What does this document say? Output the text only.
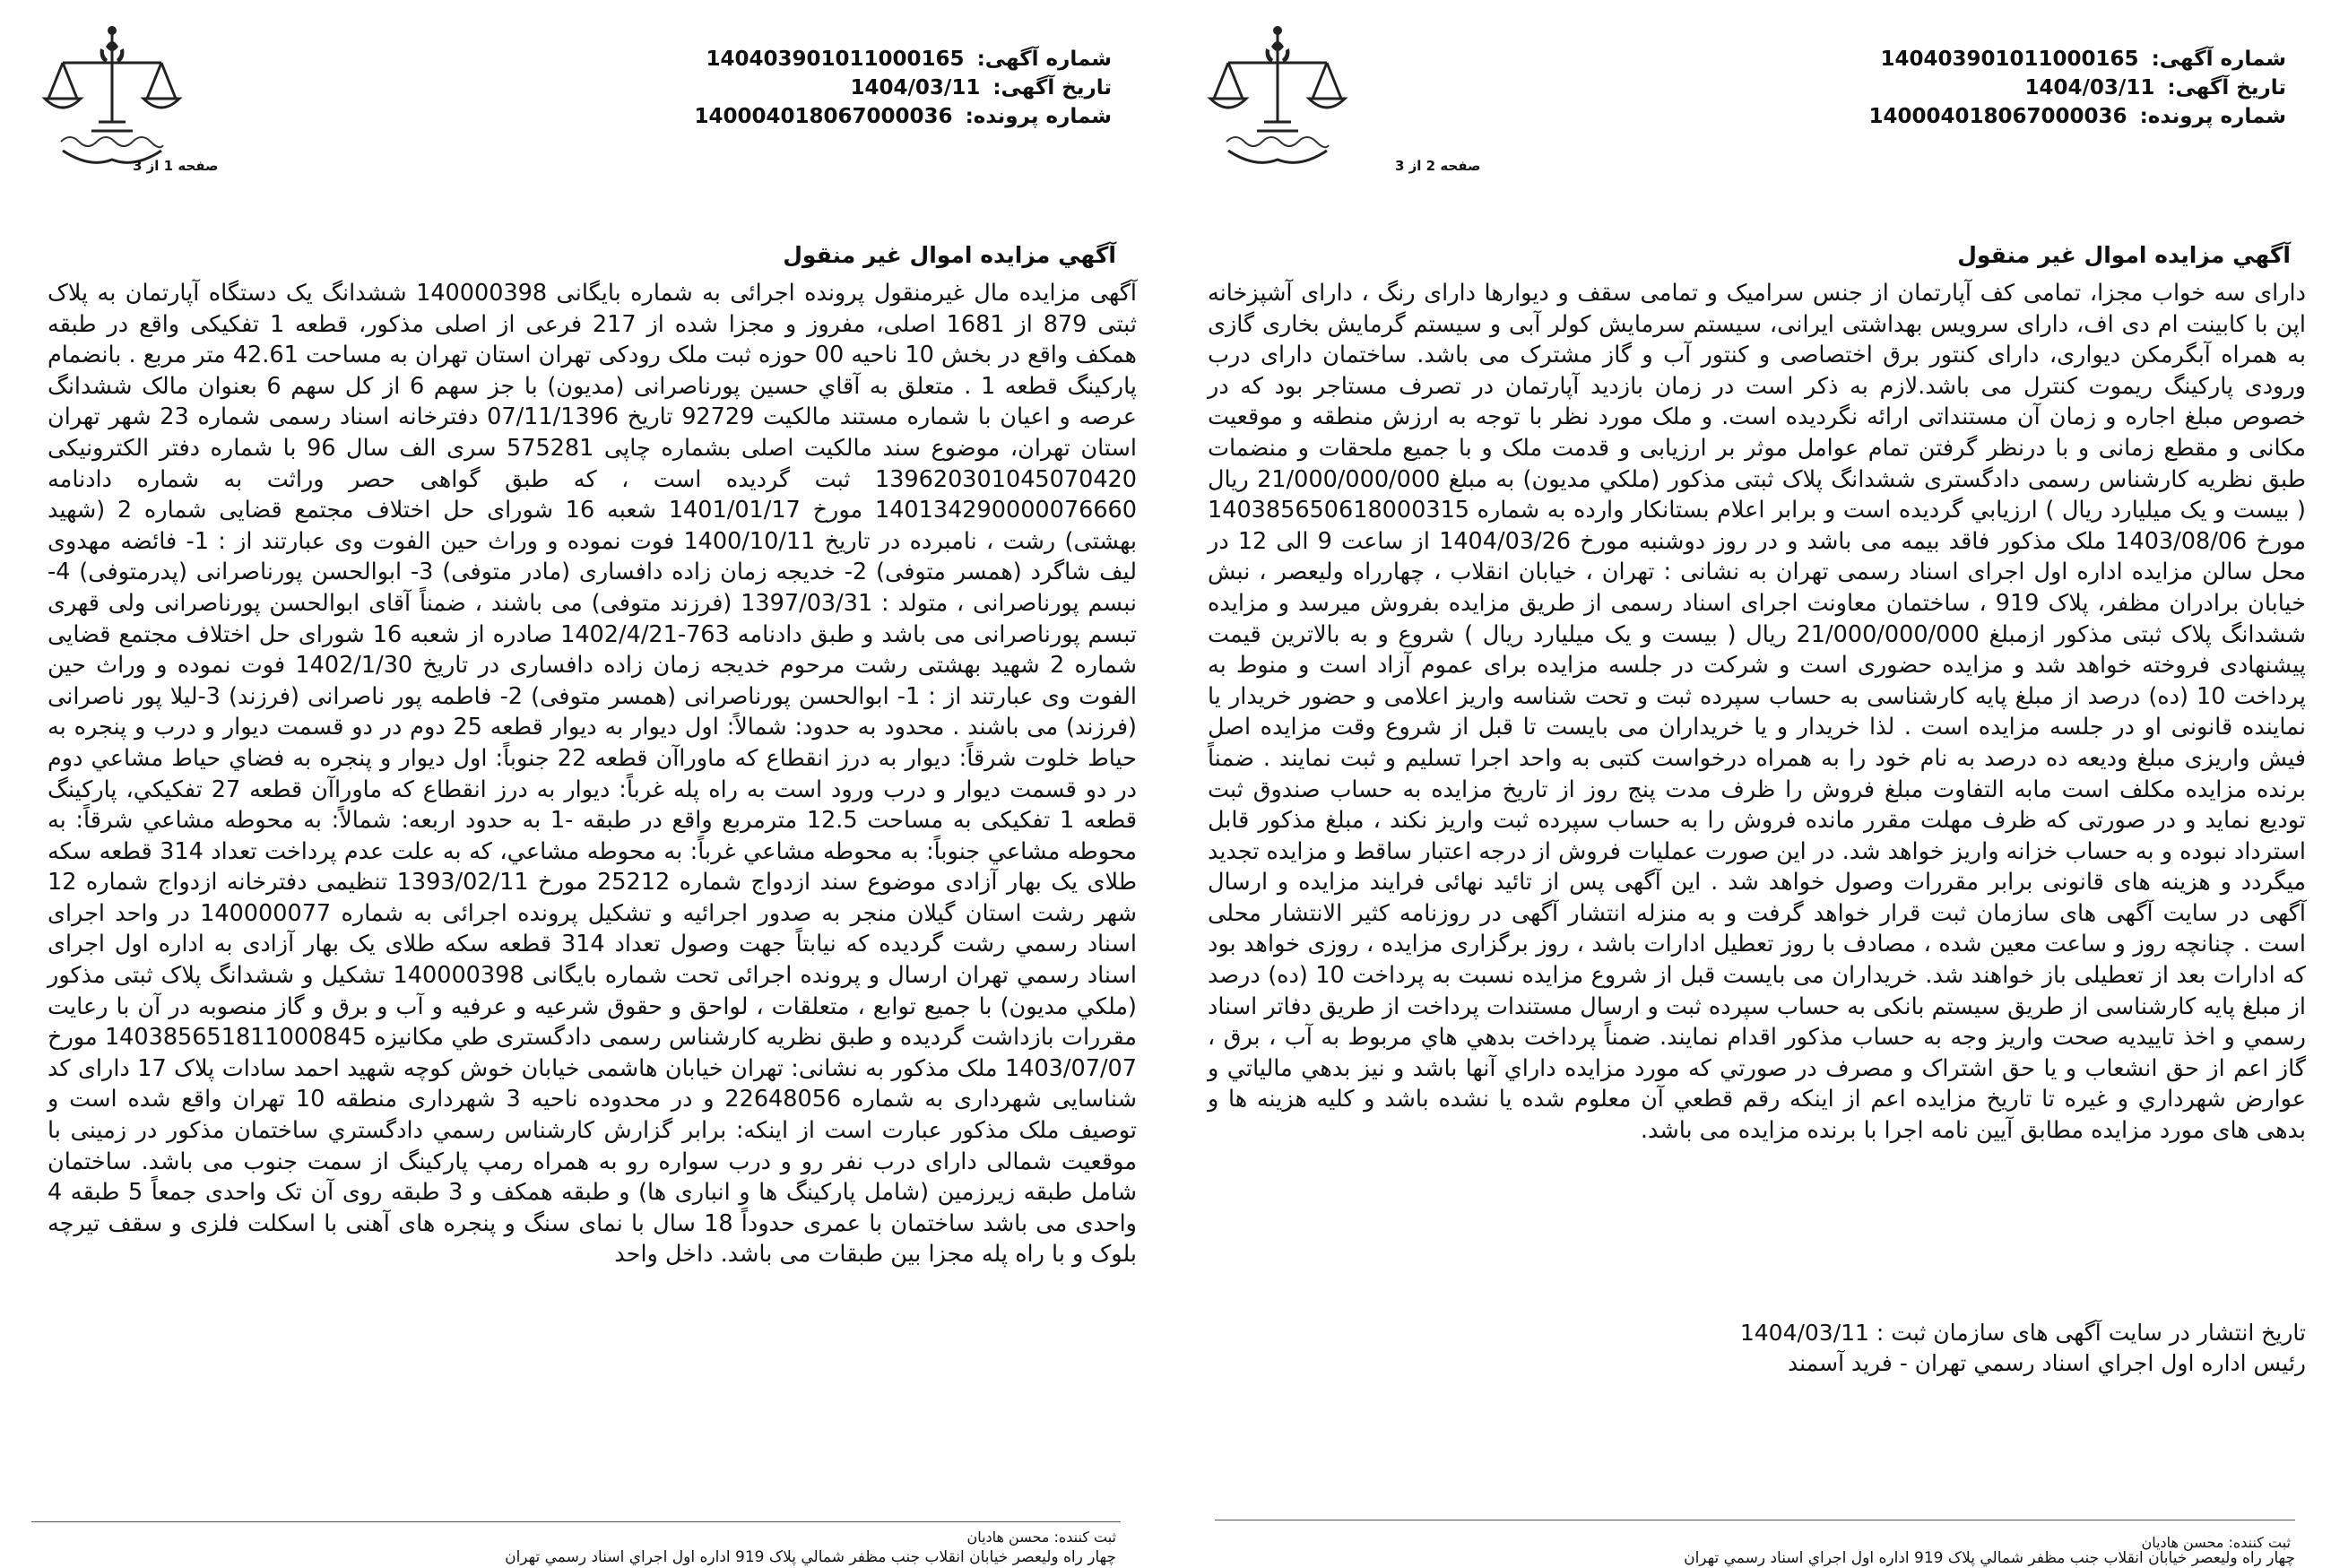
شماره آگهی: 140403901011000165
تاریخ آگهی: 1404/03/11
شماره پرونده: 140004018067000036
صفحه 2 از 3
آگهي مزايده اموال غير منقول
دارای سه خواب مجزا، تمامی کف آپارتمان از جنس سرامیک و تمامی سقف و دیوارها دارای رنگ ، دارای آشپزخانه اپن با کابینت ام دی اف، دارای سرویس بهداشتی ایرانی، سیستم سرمایش کولر آبی و سیستم گرمایش بخاری گازی به همراه آبگرمکن دیواری، دارای کنتور برق اختصاصی و کنتور آب و گاز مشترک می باشد. ساختمان دارای درب ورودی پارکینگ ریموت کنترل می باشد.لازم به ذکر است در زمان بازدید آپارتمان در تصرف مستاجر بود که در خصوص مبلغ اجاره و زمان آن مستنداتی ارائه نگردیده است. و ملک مورد نظر با توجه به ارزش منطقه و موقعیت مکانی و مقطع زمانی و با درنظر گرفتن تمام عوامل موثر بر ارزیابی و قدمت ملک و با جمیع ملحقات و منضمات طبق نظریه کارشناس رسمی دادگستری ششدانگ پلاک ثبتی مذکور (ملکي مدیون) به مبلغ 21/000/000/000 ریال ( بیست و یک میلیارد ریال ) ارزيابي گرديده است و برابر اعلام بستانکار وارده به شماره 140385650618000315 مورخ 1403/08/06 ملک مذکور فاقد بیمه می باشد و در روز دوشنبه مورخ 1404/03/26 از ساعت 9 الی 12 در محل سالن مزایده اداره اول اجرای اسناد رسمی تهران به نشانی : تهران ، خیابان انقلاب ، چهارراه ولیعصر ، نبش خیابان برادران مظفر، پلاک 919 ، ساختمان معاونت اجرای اسناد رسمی از طریق مزایده بفروش میرسد و مزایده ششدانگ پلاک ثبتی مذکور ازمبلغ 21/000/000/000 ریال ( بیست و یک میلیارد ریال ) شروع و به بالاترین قیمت پیشنهادی فروخته خواهد شد و مزایده حضوری است و شرکت در جلسه مزایده برای عموم آزاد است و منوط به پرداخت 10 (ده) درصد از مبلغ پایه کارشناسی به حساب سپرده ثبت و تحت شناسه واریز اعلامی و حضور خریدار یا نماینده قانونی او در جلسه مزایده است . لذا خریدار و یا خریداران می بایست تا قبل از شروع وقت مزایده اصل فیش واریزی مبلغ ودیعه ده درصد به نام خود را به همراه درخواست کتبی به واحد اجرا تسلیم و ثبت نمایند . ضمناً برنده مزایده مکلف است مابه التفاوت مبلغ فروش را ظرف مدت پنج روز از تاریخ مزایده به حساب صندوق ثبت تودیع نماید و در صورتی که ظرف مهلت مقرر مانده فروش را به حساب سپرده ثبت واریز نکند ، مبلغ مذکور قابل استرداد نبوده و به حساب خزانه واریز خواهد شد. در این صورت عملیات فروش از درجه اعتبار ساقط و مزایده تجدید میگردد و هزینه های قانونی برابر مقررات وصول خواهد شد . این آگهی پس از تائید نهائی فرایند مزایده و ارسال آگهی در سایت آگهی های سازمان ثبت قرار خواهد گرفت و به منزله انتشار آگهی در روزنامه کثیر الانتشار محلی است . چنانچه روز و ساعت معین شده ، مصادف با روز تعطیل ادارات باشد ، روز برگزاری مزایده ، روزی خواهد بود که ادارات بعد از تعطیلی باز خواهند شد. خریداران می بایست قبل از شروع مزایده نسبت به پرداخت 10 (ده) درصد از مبلغ پایه کارشناسی از طریق سیستم بانکی به حساب سپرده ثبت و ارسال مستندات پرداخت از طریق دفاتر اسناد رسمي و اخذ تاييديه صحت واريز وجه به حساب مذكور اقدام نمايند. ضمناً پرداخت بدهي هاي مربوط به آب ، برق ، گاز اعم از حق انشعاب و يا حق اشتراک و مصرف در صورتي كه مورد مزايده داراي آنها باشد و نيز بدهي مالياتي و عوارض شهرداري و غيره تا تاريخ مزايده اعم از اينكه رقم قطعي آن معلوم شده يا نشده باشد و كليه هزينه ها و بدهی های مورد مزايده مطابق آيين نامه اجرا با برنده مزايده می باشد.
تاریخ انتشار در سایت آگهی های سازمان ثبت : 1404/03/11
رئیس اداره اول اجراي اسناد رسمي تهران - فرید آسمند
ثبت کننده: محسن هادیان
چهار راه وليعصر خيابان انقلاب جنب مظفر شمالي پلاک 919 اداره اول اجراي اسناد رسمي تهران
شماره آگهی: 140403901011000165
تاریخ آگهی: 1404/03/11
شماره پرونده: 140004018067000036
صفحه 1 از 3
آگهي مزايده اموال غير منقول
آگهی مزایده مال غیرمنقول پرونده اجرائی به شماره بایگانی 140000398 ششدانگ یک دستگاه آپارتمان به پلاک ثبتی 879 از 1681 اصلی، مفروز و مجزا شده از 217 فرعی از اصلی مذکور، قطعه 1 تفکیکی واقع در طبقه همکف واقع در بخش 10 ناحیه 00 حوزه ثبت ملک رودکی تهران استان تهران به مساحت 42.61 متر مربع . بانضمام پارکینگ قطعه 1 . متعلق به آقاي حسين پورناصرانی (مدیون) با جز سهم 6 از کل سهم 6 بعنوان مالک ششدانگ عرصه و اعیان با شماره مستند مالکیت 92729 تاریخ 07/11/1396 دفترخانه اسناد رسمی شماره 23 شهر تهران استان تهران، موضوع سند مالکیت اصلی بشماره چاپی 575281 سری الف سال 96 با شماره دفتر الکترونیکی 139620301045070420 ثبت گردیده است ، که طبق گواهی حصر وراثت به شماره دادنامه 140134290000076660 مورخ 1401/01/17 شعبه 16 شورای حل اختلاف مجتمع قضایی شماره 2 (شهید بهشتی) رشت ، نامبرده در تاریخ 1400/10/11 فوت نموده و وراث حین الفوت وی عبارتند از : 1- فائضه مهدوی لیف شاگرد (همسر متوفی) 2- خدیجه زمان زاده دافساری (مادر متوفی) 3- ابوالحسن پورناصرانی (پدرمتوفی) 4- نبسم پورناصرانی ، متولد : 1397/03/31 (فرزند متوفی) می باشند ، ضمناً آقای ابوالحسن پورناصرانی ولی قهری تبسم پورناصرانی می باشد و طبق دادنامه 763-1402/4/21 صادره از شعبه 16 شورای حل اختلاف مجتمع قضایی شماره 2 شهید بهشتی رشت مرحوم خدیجه زمان زاده دافساری در تاریخ 1402/1/30 فوت نموده و وراث حین الفوت وی عبارتند از : 1- ابوالحسن پورناصرانی (همسر متوفی) 2- فاطمه پور ناصرانی (فرزند) 3-لیلا پور ناصرانی (فرزند) می باشند . محدود به حدود: شمالاً: اول ديوار به ديوار قطعه 25 دوم در دو قسمت ديوار و درب و پنجره به حياط خلوت شرقاً: ديوار به درز انقطاع كه ماوراآن قطعه 22 جنوباً: اول ديوار و پنجره به فضاي حياط مشاعي دوم در دو قسمت ديوار و درب ورود است به راه پله غرباً: ديوار به درز انقطاع كه ماوراآن قطعه 27 تفكيكي، پارکینگ قطعه 1 تفکیکی به مساحت 12.5 مترمربع واقع در طبقه -1 به حدود اربعه: شمالاً: به محوطه مشاعي شرقاً: به محوطه مشاعي جنوباً: به محوطه مشاعي غرباً: به محوطه مشاعي، كه به علت عدم پرداخت تعداد 314 قطعه سكه طلای یک بهار آزادی موضوع سند ازدواج شماره 25212 مورخ 1393/02/11 تنظيمی دفترخانه ازدواج شماره 12 شهر رشت استان گیلان منجر به صدور اجرائیه و تشکیل پرونده اجرائی به شماره 140000077 در واحد اجرای اسناد رسمي رشت گرديده كه نيابتاً جهت وصول تعداد 314 قطعه سكه طلای یک بهار آزادی به اداره اول اجرای اسناد رسمي تهران ارسال و پرونده اجرائی تحت شماره بایگانی 140000398 تشکیل و ششدانگ پلاک ثبتی مذکور (ملکي مدیون) با جمیع توابع ، متعلقات ، لواحق و حقوق شرعیه و عرفیه و آب و برق و گاز منصوبه در آن با رعایت مقررات بازداشت گردیده و طبق نظریه کارشناس رسمی دادگستری طي مکانیزه 140385651811000845 مورخ 1403/07/07 ملک مذکور به نشانی: تهران خیابان هاشمی خیابان خوش کوچه شهید احمد سادات پلاک 17 دارای کد شناسایی شهرداری به شماره 22648056 و در محدوده ناحیه 3 شهرداری منطقه 10 تهران واقع شده است و توصیف ملک مذکور عبارت است از اینکه: برابر گزارش کارشناس رسمي دادگستري ساختمان مذکور در زمینی با موقعیت شمالی دارای درب نفر رو و درب سواره رو به همراه رمپ پارکینگ از سمت جنوب می باشد. ساختمان شامل طبقه زیرزمین (شامل پارکینگ ها و انباری ها) و طبقه همکف و 3 طبقه روی آن تک واحدی جمعاً 5 طبقه 4 واحدی می باشد ساختمان با عمری حدوداً 18 سال با نمای سنگ و پنجره های آهنی با اسکلت فلزی و سقف تیرچه بلوک و با راه پله مجزا بین طبقات می باشد. داخل واحد
ثبت کننده: محسن هادیان
چهار راه وليعصر خيابان انقلاب جنب مظفر شمالي پلاک 919 اداره اول اجراي اسناد رسمي تهران
